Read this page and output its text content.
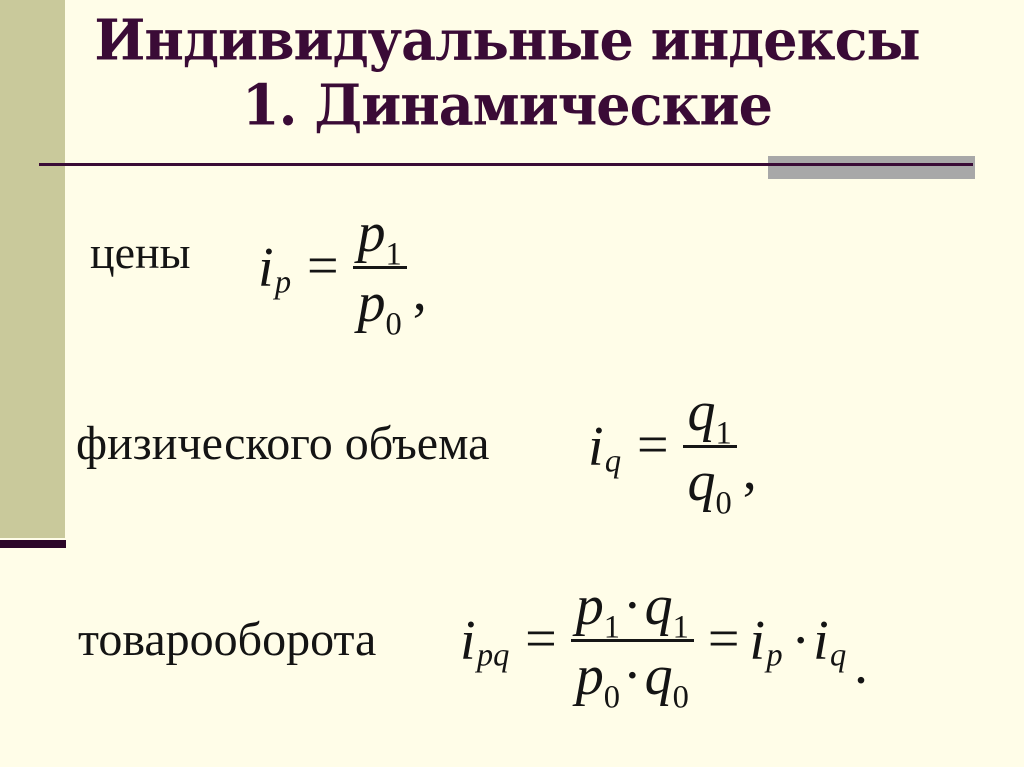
Индивидуальные индексы
1. Динамические
цены i $p = \frac{p1}{p0}$ ,
физического объема i $q = \frac{q1}{q0}$ ,
товарооборота i pq = $\frac{p1\cdot q1}{p0\cdot q0} = i$ p · i q .
